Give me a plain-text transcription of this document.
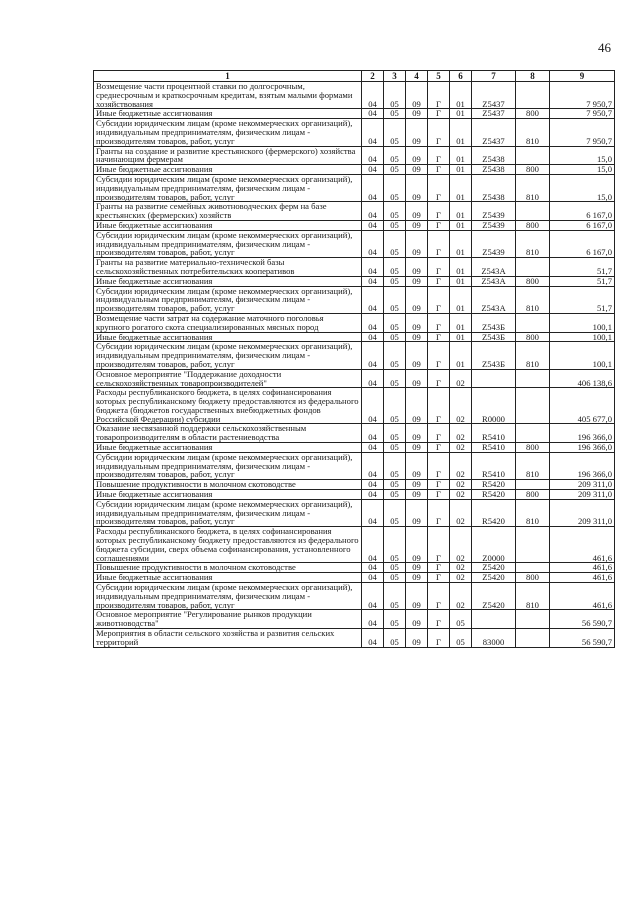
46
1	2	3	4	5	6	7	8	9
Возмещение части процентной ставки по долгосрочным, среднесрочным и краткосрочным кредитам, взятым малыми формами хозяйствования	04	05	09	Г	01	Z5437		7 950,7
Иные бюджетные ассигнования	04	05	09	Г	01	Z5437	800	7 950,7
Субсидии юридическим лицам (кроме некоммерческих организаций), индивидуальным предпринимателям, физическим лицам - производителям товаров, работ, услуг	04	05	09	Г	01	Z5437	810	7 950,7
Гранты на создание и развитие крестьянского (фермерского) хозяйства начинающим фермерам	04	05	09	Г	01	Z5438		15,0
Иные бюджетные ассигнования	04	05	09	Г	01	Z5438	800	15,0
Субсидии юридическим лицам (кроме некоммерческих организаций), индивидуальным предпринимателям, физическим лицам - производителям товаров, работ, услуг	04	05	09	Г	01	Z5438	810	15,0
Гранты на развитие семейных животноводческих ферм на базе крестьянских (фермерских) хозяйств	04	05	09	Г	01	Z5439		6 167,0
Иные бюджетные ассигнования	04	05	09	Г	01	Z5439	800	6 167,0
Субсидии юридическим лицам (кроме некоммерческих организаций), индивидуальным предпринимателям, физическим лицам - производителям товаров, работ, услуг	04	05	09	Г	01	Z5439	810	6 167,0
Гранты на развитие материально-технической базы сельскохозяйственных потребительских кооперативов	04	05	09	Г	01	Z543A		51,7
Иные бюджетные ассигнования	04	05	09	Г	01	Z543A	800	51,7
Субсидии юридическим лицам (кроме некоммерческих организаций), индивидуальным предпринимателям, физическим лицам - производителям товаров, работ, услуг	04	05	09	Г	01	Z543A	810	51,7
Возмещение части затрат на содержание маточного поголовья крупного рогатого скота специализированных мясных пород	04	05	09	Г	01	Z543Б		100,1
Иные бюджетные ассигнования	04	05	09	Г	01	Z543Б	800	100,1
Субсидии юридическим лицам (кроме некоммерческих организаций), индивидуальным предпринимателям, физическим лицам - производителям товаров, работ, услуг	04	05	09	Г	01	Z543Б	810	100,1
Основное мероприятие "Поддержание доходности сельскохозяйственных товаропроизводителей"	04	05	09	Г	02			406 138,6
Расходы республиканского бюджета, в целях софинансирования которых республиканскому бюджету предоставляются из федерального бюджета (бюджетов государственных внебюджетных фондов Российской Федерации) субсидии	04	05	09	Г	02	R0000		405 677,0
Оказание несвязанной поддержки сельскохозяйственным товаропроизводителям в области растениеводства	04	05	09	Г	02	R5410		196 366,0
Иные бюджетные ассигнования	04	05	09	Г	02	R5410	800	196 366,0
Субсидии юридическим лицам (кроме некоммерческих организаций), индивидуальным предпринимателям, физическим лицам - производителям товаров, работ, услуг	04	05	09	Г	02	R5410	810	196 366,0
Повышение продуктивности в молочном скотоводстве	04	05	09	Г	02	R5420		209 311,0
Иные бюджетные ассигнования	04	05	09	Г	02	R5420	800	209 311,0
Субсидии юридическим лицам (кроме некоммерческих организаций), индивидуальным предпринимателям, физическим лицам - производителям товаров, работ, услуг	04	05	09	Г	02	R5420	810	209 311,0
Расходы республиканского бюджета, в целях софинансирования которых республиканскому бюджету предоставляются из федерального бюджета субсидии, сверх объема софинансирования, установленного соглашениями	04	05	09	Г	02	Z0000		461,6
Повышение продуктивности в молочном скотоводстве	04	05	09	Г	02	Z5420		461,6
Иные бюджетные ассигнования	04	05	09	Г	02	Z5420	800	461,6
Субсидии юридическим лицам (кроме некоммерческих организаций), индивидуальным предпринимателям, физическим лицам - производителям товаров, работ, услуг	04	05	09	Г	02	Z5420	810	461,6
Основное мероприятие "Регулирование рынков продукции животноводства"	04	05	09	Г	05			56 590,7
Мероприятия в области сельского хозяйства и развития сельских территорий	04	05	09	Г	05	83000		56 590,7
